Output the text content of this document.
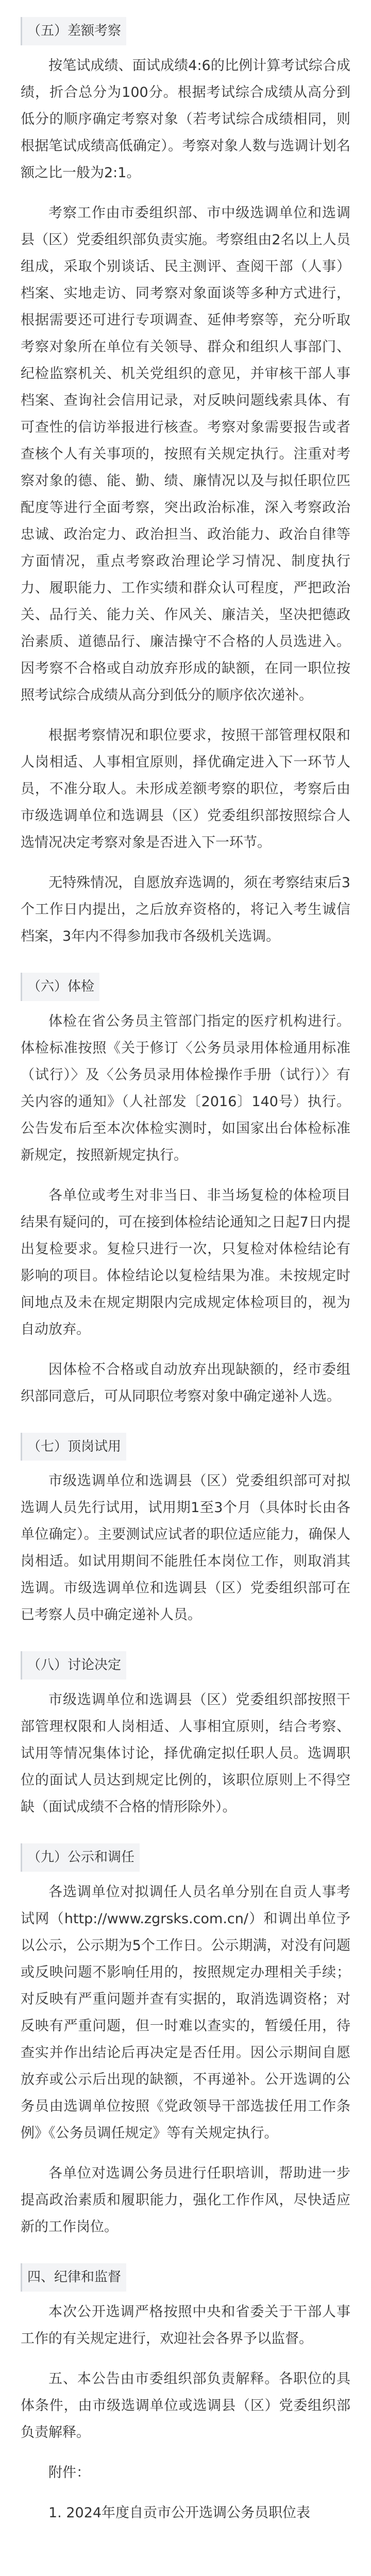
（五）差额考察

按笔试成绩、面试成绩4:6的比例计算考试综合成绩，折合总分为100分。根据考试综合成绩从高分到低分的顺序确定考察对象（若考试综合成绩相同，则根据笔试成绩高低确定）。考察对象人数与选调计划名额之比一般为2:1。

考察工作由市委组织部、市中级选调单位和选调县（区）党委组织部负责实施。考察组由2名以上人员组成，采取个别谈话、民主测评、查阅干部（人事）档案、实地走访、同考察对象面谈等多种方式进行，根据需要还可进行专项调查、延伸考察等，充分听取考察对象所在单位有关领导、群众和组织人事部门、纪检监察机关、机关党组织的意见，并审核干部人事档案、查询社会信用记录，对反映问题线索具体、有可查性的信访举报进行核查。考察对象需要报告或者查核个人有关事项的，按照有关规定执行。注重对考察对象的德、能、勤、绩、廉情况以及与拟任职位匹配度等进行全面考察，突出政治标准，深入考察政治忠诚、政治定力、政治担当、政治能力、政治自律等方面情况，重点考察政治理论学习情况、制度执行力、履职能力、工作实绩和群众认可程度，严把政治关、品行关、能力关、作风关、廉洁关，坚决把德政治素质、道德品行、廉洁操守不合格的人员选进入。因考察不合格或自动放弃形成的缺额，在同一职位按照考试综合成绩从高分到低分的顺序依次递补。

根据考察情况和职位要求，按照干部管理权限和人岗相适、人事相宜原则，择优确定进入下一环节人员，不准分取人。未形成差额考察的职位，考察后由市级选调单位和选调县（区）党委组织部按照综合人选情况决定考察对象是否进入下一环节。

无特殊情况，自愿放弃选调的，须在考察结束后3个工作日内提出，之后放弃资格的，将记入考生诚信档案，3年内不得参加我市各级机关选调。

（六）体检

体检在省公务员主管部门指定的医疗机构进行。体检标准按照《关于修订〈公务员录用体检通用标准（试行）〉及〈公务员录用体检操作手册（试行）〉有关内容的通知》（人社部发〔2016〕140号）执行。公告发布后至本次体检实测时，如国家出台体检标准新规定，按照新规定执行。

各单位或考生对非当日、非当场复检的体检项目结果有疑问的，可在接到体检结论通知之日起7日内提出复检要求。复检只进行一次，只复检对体检结论有影响的项目。体检结论以复检结果为准。未按规定时间地点及未在规定期限内完成规定体检项目的，视为自动放弃。

因体检不合格或自动放弃出现缺额的，经市委组织部同意后，可从同职位考察对象中确定递补人选。

（七）顶岗试用

市级选调单位和选调县（区）党委组织部可对拟选调人员先行试用，试用期1至3个月（具体时长由各单位确定）。主要测试应试者的职位适应能力，确保人岗相适。如试用期间不能胜任本岗位工作，则取消其选调。市级选调单位和选调县（区）党委组织部可在已考察人员中确定递补人员。

（八）讨论决定

市级选调单位和选调县（区）党委组织部按照干部管理权限和人岗相适、人事相宜原则，结合考察、试用等情况集体讨论，择优确定拟任职人员。选调职位的面试人员达到规定比例的，该职位原则上不得空缺（面试成绩不合格的情形除外）。

（九）公示和调任

各选调单位对拟调任人员名单分别在自贡人事考试网（http://www.zgrsks.com.cn/）和调出单位予以公示，公示期为5个工作日。公示期满，对没有问题或反映问题不影响任用的，按照规定办理相关手续；对反映有严重问题并查有实据的，取消选调资格；对反映有严重问题，但一时难以查实的，暂缓任用，待查实并作出结论后再决定是否任用。因公示期间自愿放弃或公示后出现的缺额，不再递补。公开选调的公务员由选调单位按照《党政领导干部选拔任用工作条例》《公务员调任规定》等有关规定执行。

各单位对选调公务员进行任职培训，帮助进一步提高政治素质和履职能力，强化工作作风，尽快适应新的工作岗位。

四、纪律和监督

本次公开选调严格按照中央和省委关于干部人事工作的有关规定进行，欢迎社会各界予以监督。

五、本公告由市委组织部负责解释。各职位的具体条件，由市级选调单位或选调县（区）党委组织部负责解释。

附件：

1. 2024年度自贡市公开选调公务员职位表
